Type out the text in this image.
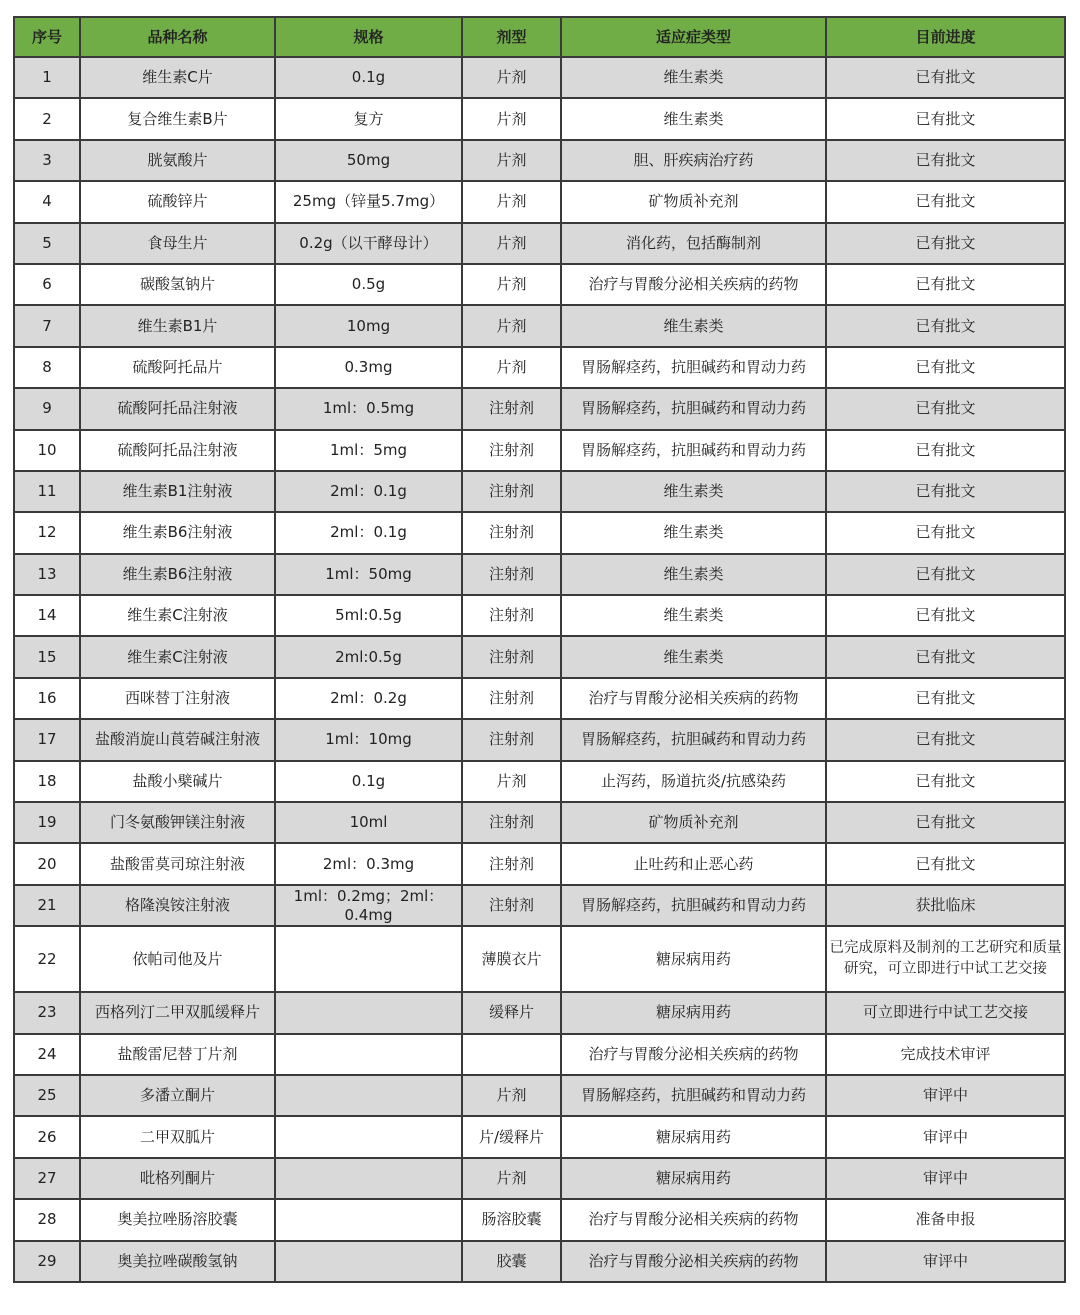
序号	品种名称	规格	剂型	适应症类型	目前进度
1	维生素C片	0.1g	片剂	维生素类	已有批文
2	复合维生素B片	复方	片剂	维生素类	已有批文
3	胱氨酸片	50mg	片剂	胆、肝疾病治疗药	已有批文
4	硫酸锌片	25mg（锌量5.7mg）	片剂	矿物质补充剂	已有批文
5	食母生片	0.2g（以干酵母计）	片剂	消化药，包括酶制剂	已有批文
6	碳酸氢钠片	0.5g	片剂	治疗与胃酸分泌相关疾病的药物	已有批文
7	维生素B1片	10mg	片剂	维生素类	已有批文
8	硫酸阿托品片	0.3mg	片剂	胃肠解痉药，抗胆碱药和胃动力药	已有批文
9	硫酸阿托品注射液	1ml：0.5mg	注射剂	胃肠解痉药，抗胆碱药和胃动力药	已有批文
10	硫酸阿托品注射液	1ml：5mg	注射剂	胃肠解痉药，抗胆碱药和胃动力药	已有批文
11	维生素B1注射液	2ml：0.1g	注射剂	维生素类	已有批文
12	维生素B6注射液	2ml：0.1g	注射剂	维生素类	已有批文
13	维生素B6注射液	1ml：50mg	注射剂	维生素类	已有批文
14	维生素C注射液	5ml:0.5g	注射剂	维生素类	已有批文
15	维生素C注射液	2ml:0.5g	注射剂	维生素类	已有批文
16	西咪替丁注射液	2ml：0.2g	注射剂	治疗与胃酸分泌相关疾病的药物	已有批文
17	盐酸消旋山莨菪碱注射液	1ml：10mg	注射剂	胃肠解痉药，抗胆碱药和胃动力药	已有批文
18	盐酸小檗碱片	0.1g	片剂	止泻药，肠道抗炎/抗感染药	已有批文
19	门冬氨酸钾镁注射液	10ml	注射剂	矿物质补充剂	已有批文
20	盐酸雷莫司琼注射液	2ml：0.3mg	注射剂	止吐药和止恶心药	已有批文
21	格隆溴铵注射液	1ml：0.2mg；2ml：0.4mg	注射剂	胃肠解痉药，抗胆碱药和胃动力药	获批临床
22	依帕司他及片		薄膜衣片	糖尿病用药	已完成原料及制剂的工艺研究和质量研究，可立即进行中试工艺交接
23	西格列汀二甲双胍缓释片		缓释片	糖尿病用药	可立即进行中试工艺交接
24	盐酸雷尼替丁片剂			治疗与胃酸分泌相关疾病的药物	完成技术审评
25	多潘立酮片		片剂	胃肠解痉药，抗胆碱药和胃动力药	审评中
26	二甲双胍片		片/缓释片	糖尿病用药	审评中
27	吡格列酮片		片剂	糖尿病用药	审评中
28	奥美拉唑肠溶胶囊		肠溶胶囊	治疗与胃酸分泌相关疾病的药物	准备申报
29	奥美拉唑碳酸氢钠		胶囊	治疗与胃酸分泌相关疾病的药物	审评中
